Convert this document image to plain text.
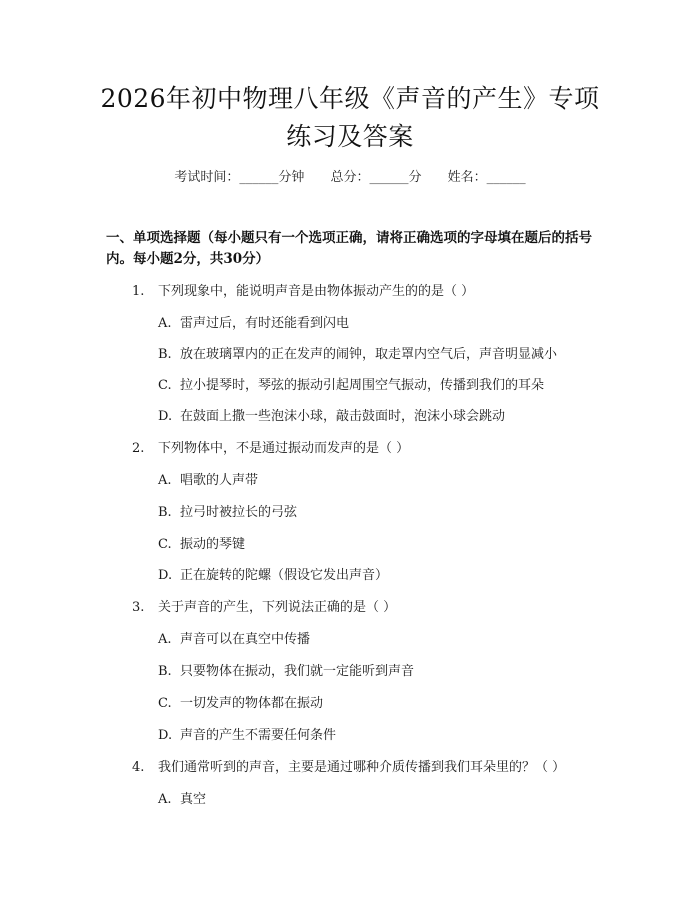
2026年初中物理八年级《声音的产生》专项
练习及答案
考试时间：______分钟 总分：______分 姓名：______
一、单项选择题（每小题只有一个选项正确，请将正确选项的字母填在题后的括号内。每小题2分，共30分）
1. 下列现象中，能说明声音是由物体振动产生的的是（ ）
A. 雷声过后，有时还能看到闪电
B. 放在玻璃罩内的正在发声的闹钟，取走罩内空气后，声音明显减小
C. 拉小提琴时，琴弦的振动引起周围空气振动，传播到我们的耳朵
D. 在鼓面上撒一些泡沫小球，敲击鼓面时，泡沫小球会跳动
2. 下列物体中，不是通过振动而发声的是（ ）
A. 唱歌的人声带
B. 拉弓时被拉长的弓弦
C. 振动的琴键
D. 正在旋转的陀螺（假设它发出声音）
3. 关于声音的产生，下列说法正确的是（ ）
A. 声音可以在真空中传播
B. 只要物体在振动，我们就一定能听到声音
C. 一切发声的物体都在振动
D. 声音的产生不需要任何条件
4. 我们通常听到的声音，主要是通过哪种介质传播到我们耳朵里的？（ ）
A. 真空
